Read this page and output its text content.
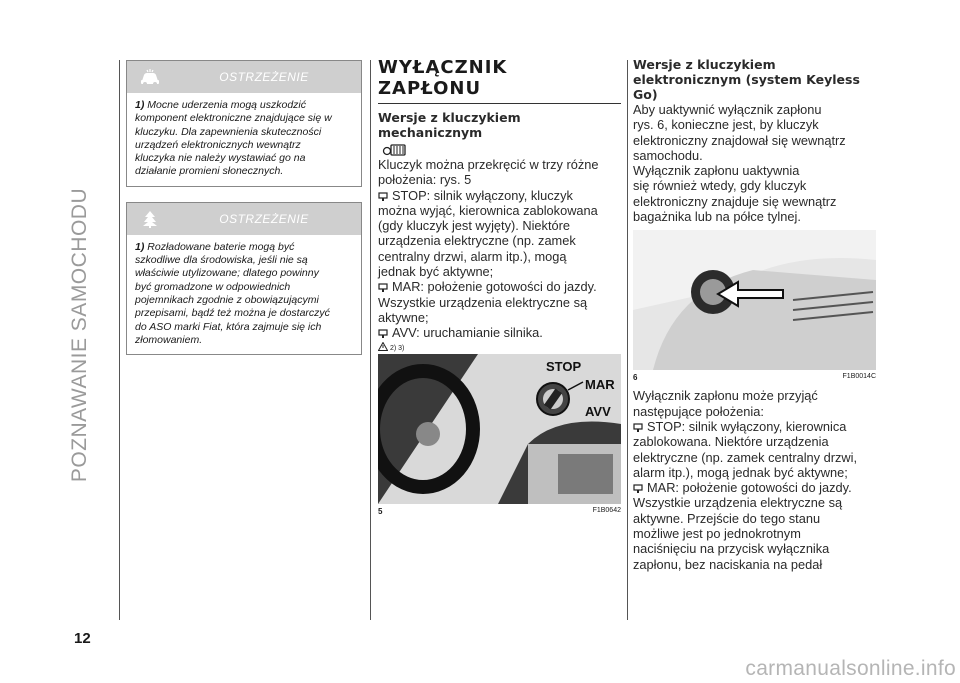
POZNAWANIE SAMOCHODU
12
OSTRZEŻENIE
1) Mocne uderzenia mogą uszkodzić
komponent elektroniczne znajdujące się w
kluczyku. Dla zapewnienia skuteczności
urządzeń elektronicznych wewnątrz
kluczyka nie należy wystawiać go na
działanie promieni słonecznych.
OSTRZEŻENIE
1) Rozładowane baterie mogą być
szkodliwe dla środowiska, jeśli nie są
właściwie utylizowane; dlatego powinny
być gromadzone w odpowiednich
pojemnikach zgodnie z obowiązującymi
przepisami, bądź też można je dostarczyć
do ASO marki Fiat, która zajmuje się ich
złomowaniem.
WYŁĄCZNIK
ZAPŁONU
Wersje z kluczykiem
mechanicznym
Kluczyk można przekręcić w trzy różne
położenia: rys. 5
STOP: silnik wyłączony, kluczyk
można wyjąć, kierownica zablokowana
(gdy kluczyk jest wyjęty). Niektóre
urządzenia elektryczne (np. zamek
centralny drzwi, alarm itp.), mogą
jednak być aktywne;
MAR: położenie gotowości do jazdy.
Wszystkie urządzenia elektryczne są
aktywne;
AVV: uruchamianie silnika.
2) 3)
STOP
MAR
AVV
5	F1B0642
Wersje z kluczykiem
elektronicznym (system Keyless
Go)
Aby uaktywnić wyłącznik zapłonu
rys. 6, konieczne jest, by kluczyk
elektroniczny znajdował się wewnątrz
samochodu.
Wyłącznik zapłonu uaktywnia
się również wtedy, gdy kluczyk
elektroniczny znajduje się wewnątrz
bagażnika lub na półce tylnej.
6	F1B0014C
Wyłącznik zapłonu może przyjąć
następujące położenia:
STOP: silnik wyłączony, kierownica
zablokowana. Niektóre urządzenia
elektryczne (np. zamek centralny drzwi,
alarm itp.), mogą jednak być aktywne;
MAR: położenie gotowości do jazdy.
Wszystkie urządzenia elektryczne są
aktywne. Przejście do tego stanu
możliwe jest po jednokrotnym
naciśnięciu na przycisk wyłącznika
zapłonu, bez naciskania na pedał
carmanualsonline.info
